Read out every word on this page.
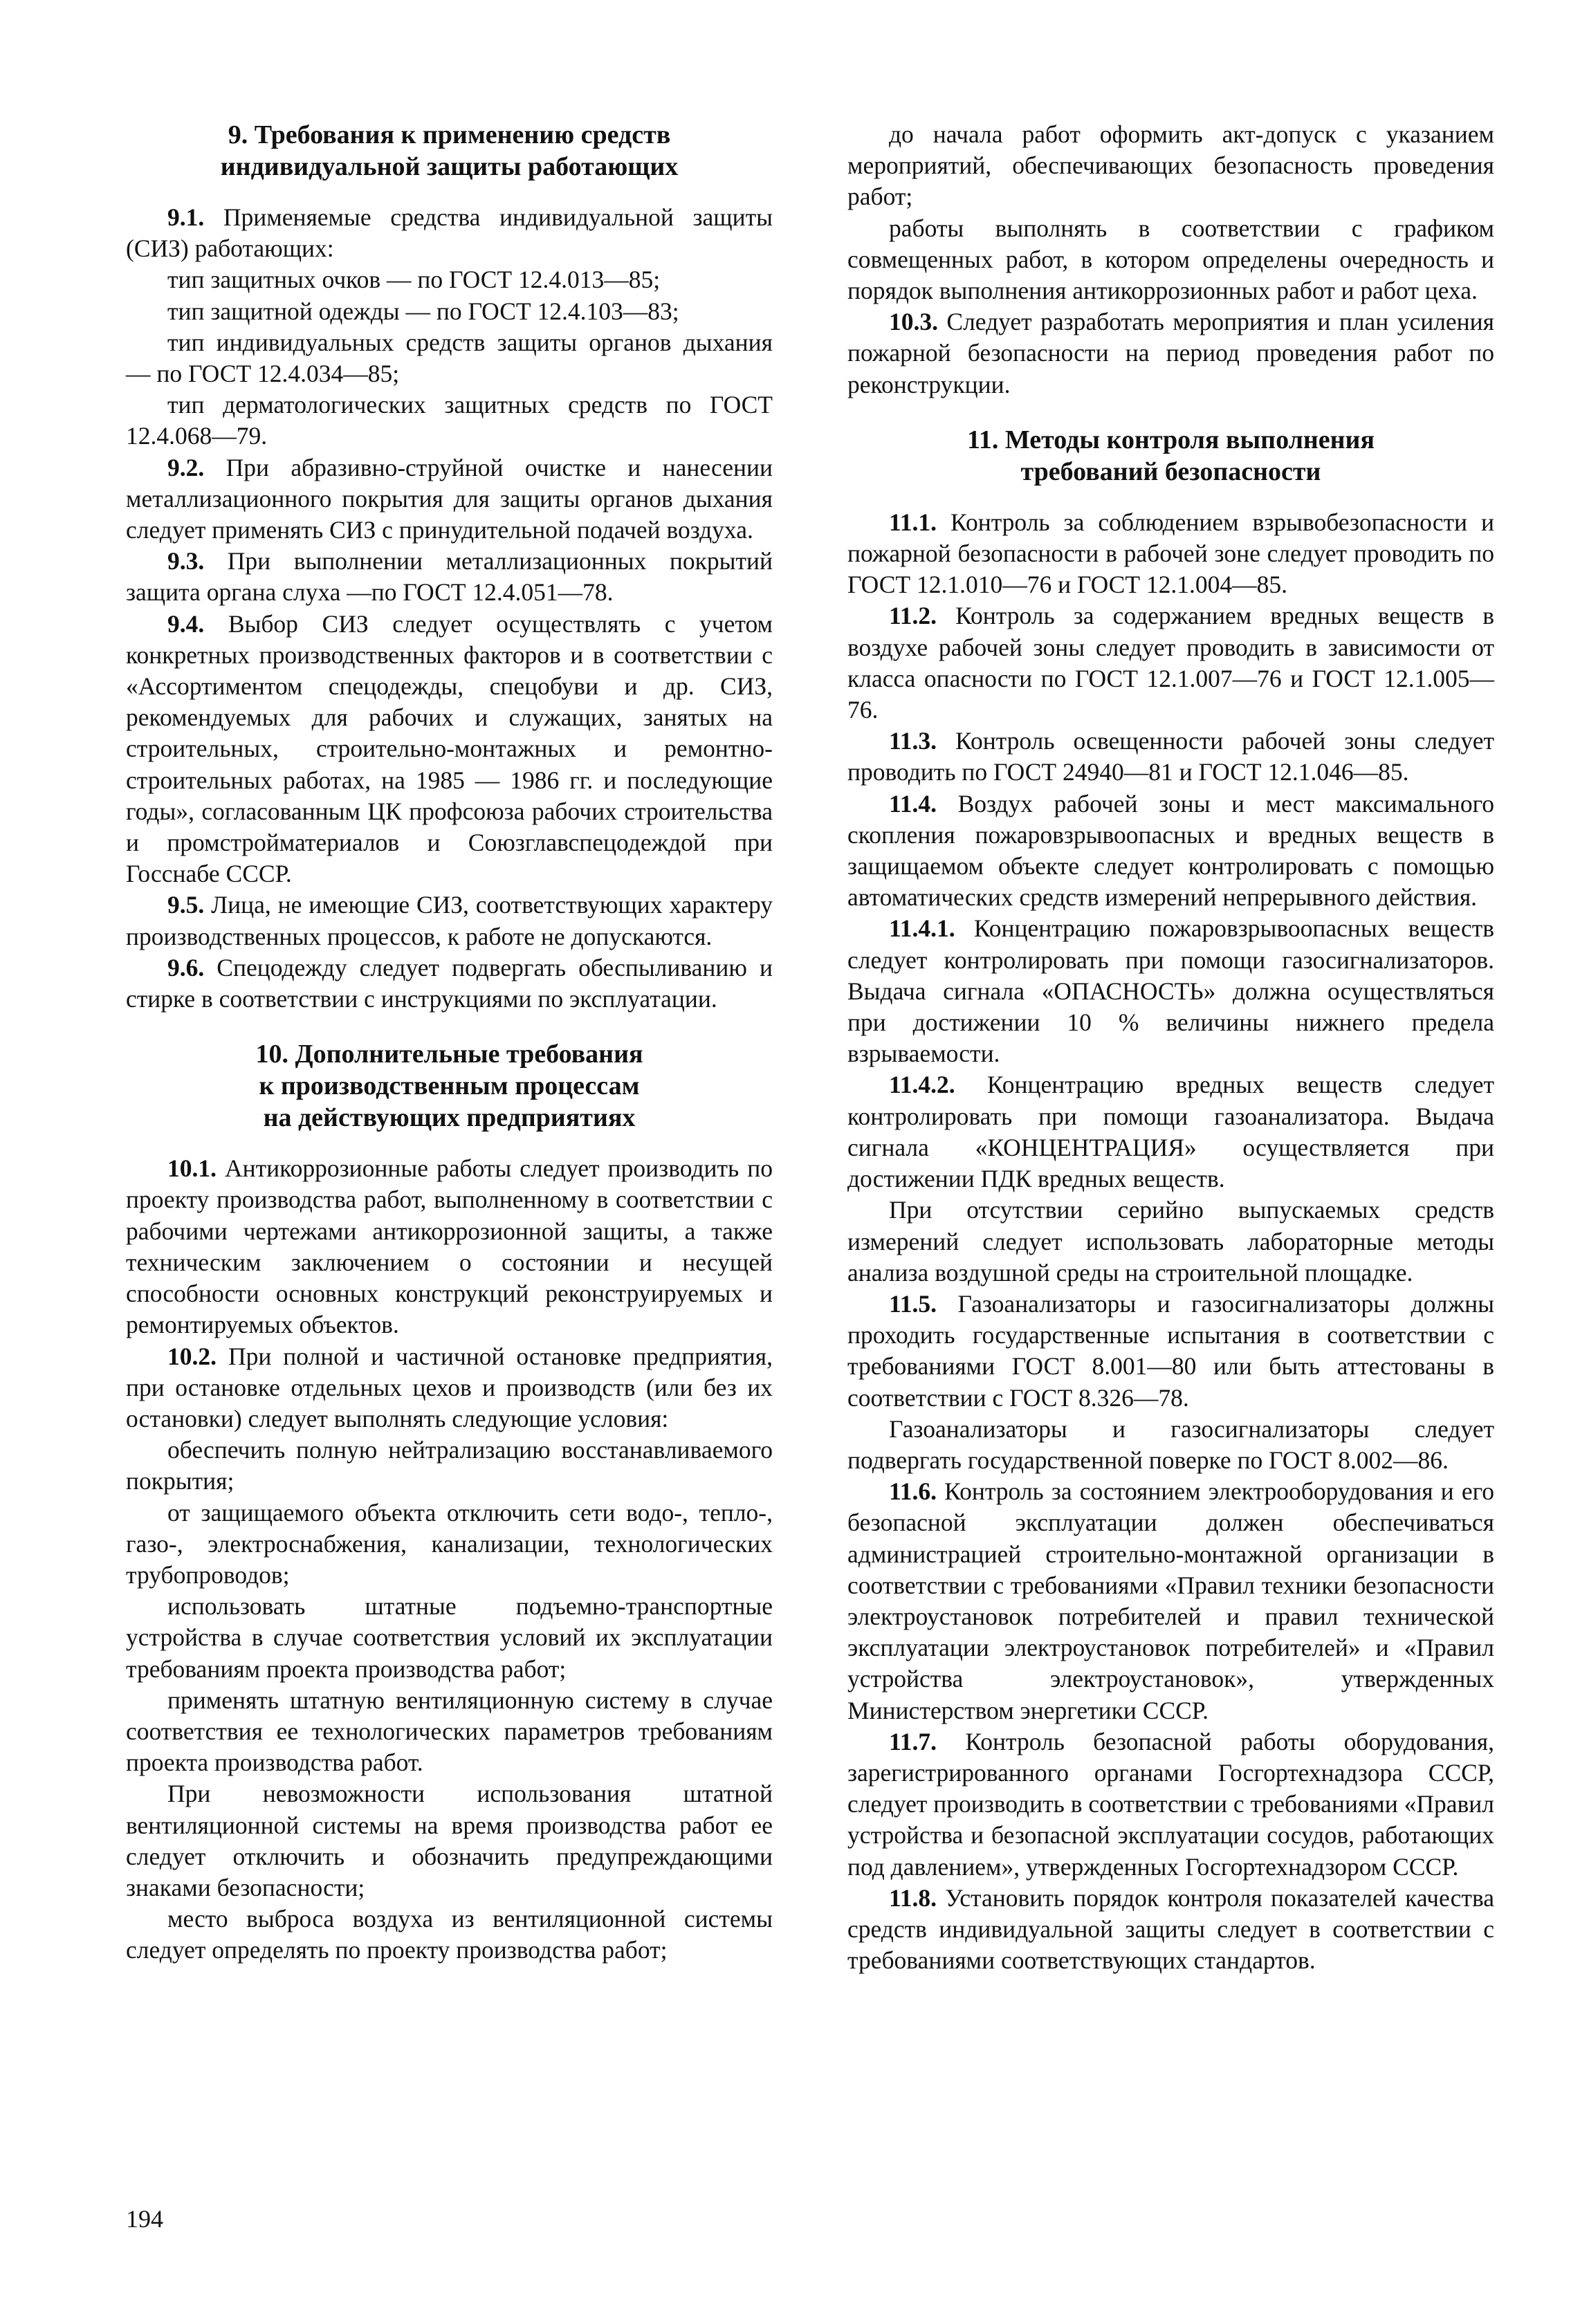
9. Требования к применению средств
индивидуальной защиты работающих

9.1. Применяемые средства индивидуальной защиты (СИЗ) работающих:

тип защитных очков — по ГОСТ 12.4.013—85;

тип защитной одежды — по ГОСТ 12.4.103—83;

тип индивидуальных средств защиты органов дыхания — по ГОСТ 12.4.034—85;

тип дерматологических защитных средств по ГОСТ 12.4.068—79.

9.2. При абразивно-струйной очистке и нанесении металлизационного покрытия для защиты органов дыхания следует применять СИЗ с принудительной подачей воздуха.

9.3. При выполнении металлизационных покрытий защита органа слуха —по ГОСТ 12.4.051—78.

9.4. Выбор СИЗ следует осуществлять с учетом конкретных производственных факторов и в соответствии с «Ассортиментом спецодежды, спецобуви и др. СИЗ, рекомендуемых для рабочих и служащих, занятых на строительных, строительно-монтажных и ремонтно-строительных работах, на 1985 — 1986 гг. и последующие годы», согласованным ЦК профсоюза рабочих строительства и промстройматериалов и Союзглавспецодеждой при Госснабе СССР.

9.5. Лица, не имеющие СИЗ, соответствующих характеру производственных процессов, к работе не допускаются.

9.6. Спецодежду следует подвергать обеспыливанию и стирке в соответствии с инструкциями по эксплуатации.

10. Дополнительные требования
к производственным процессам
на действующих предприятиях

10.1. Антикоррозионные работы следует производить по проекту производства работ, выполненному в соответствии с рабочими чертежами антикоррозионной защиты, а также техническим заключением о состоянии и несущей способности основных конструкций реконструируемых и ремонтируемых объектов.

10.2. При полной и частичной остановке предприятия, при остановке отдельных цехов и производств (или без их остановки) следует выполнять следующие условия:

обеспечить полную нейтрализацию восстанавливаемого покрытия;

от защищаемого объекта отключить сети водо-, тепло-, газо-, электроснабжения, канализации, технологических трубопроводов;

использовать штатные подъемно-транспортные устройства в случае соответствия условий их эксплуатации требованиям проекта производства работ;

применять штатную вентиляционную систему в случае соответствия ее технологических параметров требованиям проекта производства работ.

При невозможности использования штатной вентиляционной системы на время производства работ ее следует отключить и обозначить предупреждающими знаками безопасности;

место выброса воздуха из вентиляционной системы следует определять по проекту производства работ;

до начала работ оформить акт-допуск с указанием мероприятий, обеспечивающих безопасность проведения работ;

работы выполнять в соответствии с графиком совмещенных работ, в котором определены очередность и порядок выполнения антикоррозионных работ и работ цеха.

10.3. Следует разработать мероприятия и план усиления пожарной безопасности на период проведения работ по реконструкции.

11. Методы контроля выполнения
требований безопасности

11.1. Контроль за соблюдением взрывобезопасности и пожарной безопасности в рабочей зоне следует проводить по ГОСТ 12.1.010—76 и ГОСТ 12.1.004—85.

11.2. Контроль за содержанием вредных веществ в воздухе рабочей зоны следует проводить в зависимости от класса опасности по ГОСТ 12.1.007—76 и ГОСТ 12.1.005—76.

11.3. Контроль освещенности рабочей зоны следует проводить по ГОСТ 24940—81 и ГОСТ 12.1.046—85.

11.4. Воздух рабочей зоны и мест максимального скопления пожаровзрывоопасных и вредных веществ в защищаемом объекте следует контролировать с помощью автоматических средств измерений непрерывного действия.

11.4.1. Концентрацию пожаровзрывоопасных веществ следует контролировать при помощи газосигнализаторов. Выдача сигнала «ОПАСНОСТЬ» должна осуществляться при достижении 10 % величины нижнего предела взрываемости.

11.4.2. Концентрацию вредных веществ следует контролировать при помощи газоанализатора. Выдача сигнала «КОНЦЕНТРАЦИЯ» осуществляется при достижении ПДК вредных веществ.

При отсутствии серийно выпускаемых средств измерений следует использовать лабораторные методы анализа воздушной среды на строительной площадке.

11.5. Газоанализаторы и газосигнализаторы должны проходить государственные испытания в соответствии с требованиями ГОСТ 8.001—80 или быть аттестованы в соответствии с ГОСТ 8.326—78.

Газоанализаторы и газосигнализаторы следует подвергать государственной поверке по ГОСТ 8.002—86.

11.6. Контроль за состоянием электрооборудования и его безопасной эксплуатации должен обеспечиваться администрацией строительно-монтажной организации в соответствии с требованиями «Правил техники безопасности электроустановок потребителей и правил технической эксплуатации электроустановок потребителей» и «Правил устройства электроустановок», утвержденных Министерством энергетики СССР.

11.7. Контроль безопасной работы оборудования, зарегистрированного органами Госгортехнадзора СССР, следует производить в соответствии с требованиями «Правил устройства и безопасной эксплуатации сосудов, работающих под давлением», утвержденных Госгортехнадзором СССР.

11.8. Установить порядок контроля показателей качества средств индивидуальной защиты следует в соответствии с требованиями соответствующих стандартов.

194
